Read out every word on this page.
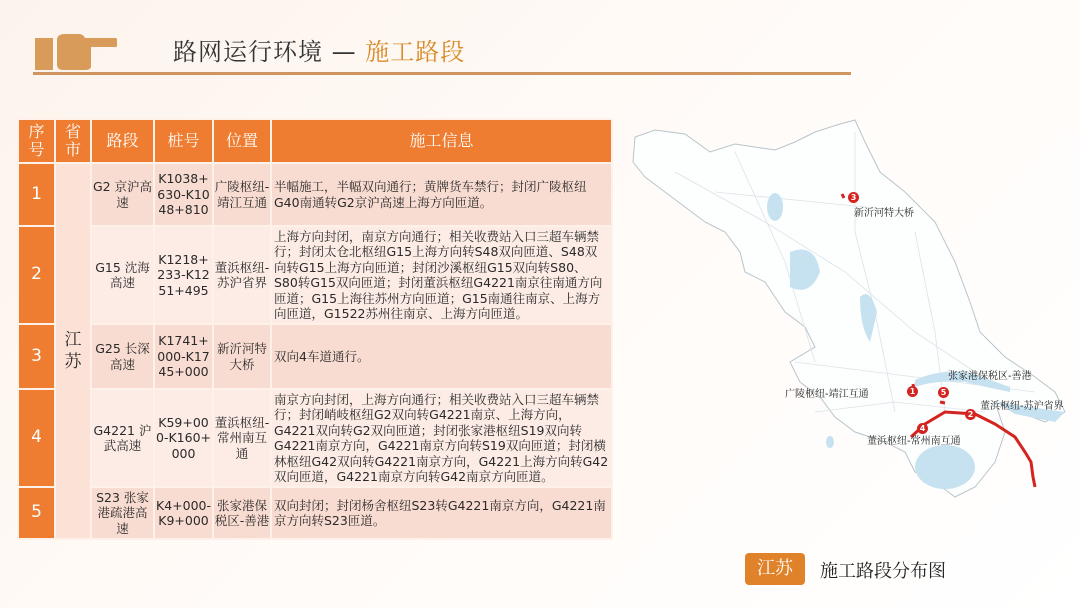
路网运行环境 — 施工路段
序号	省市	路段	桩号	位置	施工信息
1	江苏	G2 京沪高速	K1038+630-K1048+810	广陵枢纽-靖江互通	半幅施工，半幅双向通行；黄牌货车禁行；封闭广陵枢纽G40南通转G2京沪高速上海方向匝道。
2		G15 沈海高速	K1218+233-K1251+495	董浜枢纽-苏沪省界	上海方向封闭，南京方向通行；相关收费站入口三超车辆禁行；封闭太仓北枢纽G15上海方向转S48双向匝道、S48双向转G15上海方向匝道；封闭沙溪枢纽G15双向转S80、S80转G15双向匝道；封闭董浜枢纽G4221南京往南通方向匝道；G15上海往苏州方向匝道；G15南通往南京、上海方向匝道，G1522苏州往南京、上海方向匝道。
3		G25 长深高速	K1741+000-K1745+000	新沂河特大桥	双向4车道通行。
4		G4221 沪武高速	K59+000-K160+000	董浜枢纽-常州南互通	南京方向封闭，上海方向通行；相关收费站入口三超车辆禁行；封闭峭岐枢纽G2双向转G4221南京、上海方向，G4221双向转G2双向匝道；封闭张家港枢纽S19双向转G4221南京方向，G4221南京方向转S19双向匝道；封闭横林枢纽G42双向转G4221南京方向，G4221上海方向转G42双向匝道，G4221南京方向转G42南京方向匝道。
5		S23 张家港疏港高速	K4+000-K9+000	张家港保税区-善港	双向封闭；封闭杨舍枢纽S23转G4221南京方向，G4221南京方向转S23匝道。
1
2
3
4
5
广陵枢纽-靖江互通
董浜枢纽-苏沪省界
新沂河特大桥
董浜枢纽-常州南互通
张家港保税区-善港
江苏	施工路段分布图
